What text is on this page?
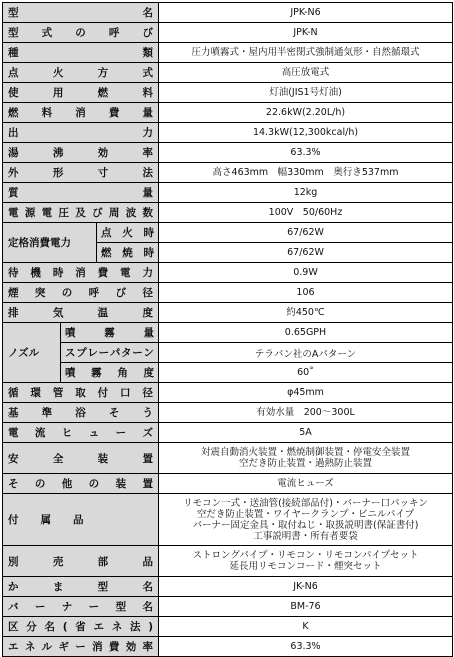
型	名	JPK-N6
型 式 の 呼 び	JPK-N
種	類	圧力噴霧式・屋内用半密閉式強制通気形・自然循環式
点	火	方	式	高圧放電式
使	用	燃	料	灯油(JIS1号灯油)
燃 料 消 費 量	22.6kW(2.20L/h)
出	力	14.3kW(12,300kcal/h)
湯	沸	効	率	63.3%
外	形	寸	法	高さ463mm　幅330mm　奥行き537mm
質	量	12kg
電 源 電 圧 及 び 周 波 数	100V　50/60Hz
定格消費電力
点 火 時	67/62W
燃 焼 時	67/62W
待 機 時 消 費 電 力	0.9W
煙 突 の 呼 び 径	106
排	気	温	度	約450℃
ノズル
噴	霧	量	0.65GPH
ス プ レ ー パ タ ー ン	テラバン社のAパターン
噴 霧 角 度	60˚
循 環 管 取 付 口 径	φ45mm
基 準 浴 そ う	有効水量　200～300L
電 流 ヒ ュ ー ズ	5A
安	全	装	置	対震自動消火装置・燃焼制御装置・停電安全装置
空だき防止装置・過熱防止装置
そ の 他 の 装 置	電流ヒューズ
付 属 品
リモコン一式・送油管(接続部品付)・バーナー口パッキン
空だき防止装置・ワイヤークランプ・ビニルパイプ
バーナー固定金具・取付ねじ・取扱説明書(保証書付)
工事説明書・所有者要袋
別	売	部	品	ストロングパイプ・リモコン・リモコンパイプセット
延長用リモコンコード・煙突セット
か	ま	型	名	JK-N6
バ ー ナ ー 型 名	BM-76
区 分 名 ( 省 エ ネ 法 )	K
エ ネ ル ギ ー 消 費 効 率	63.3%
